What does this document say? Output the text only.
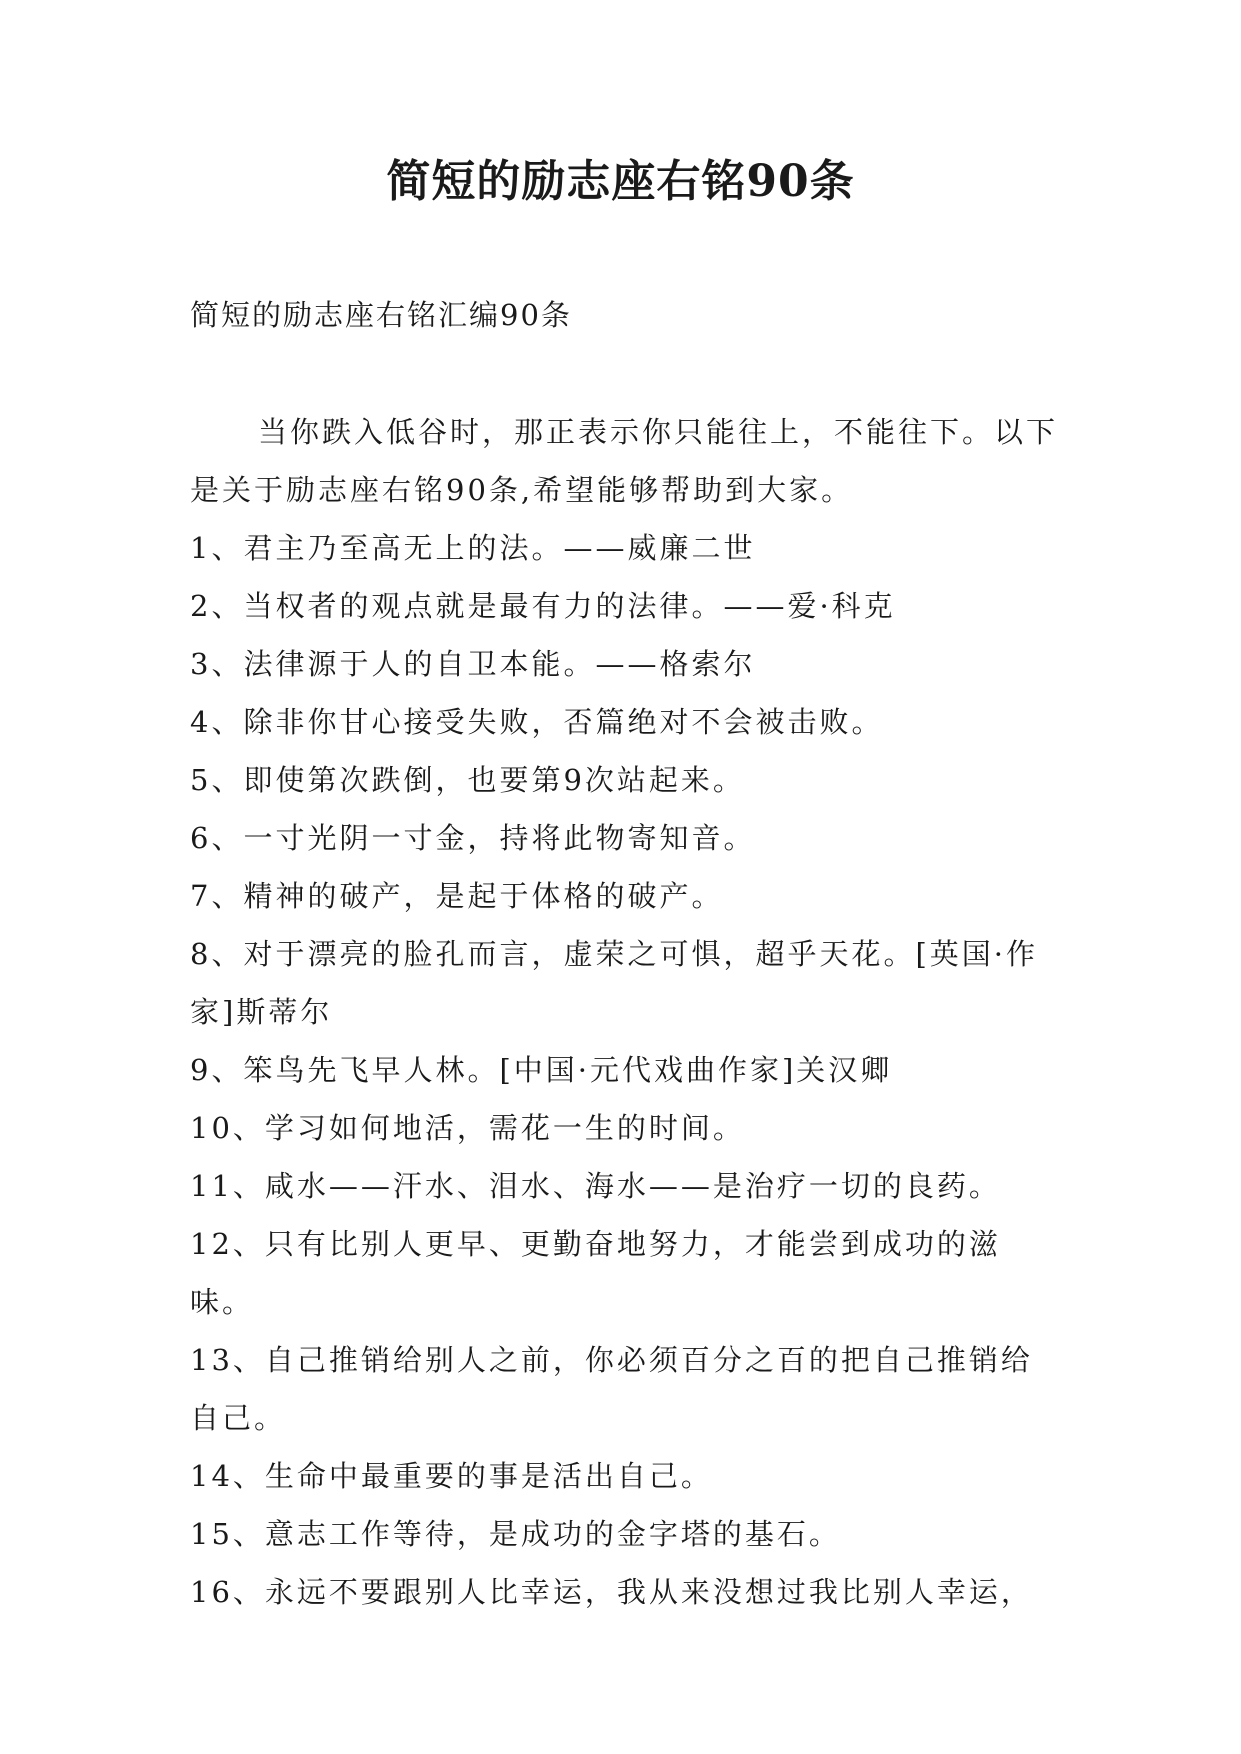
简短的励志座右铭90条

简短的励志座右铭汇编90条

当你跌入低谷时，那正表示你只能往上，不能往下。以下是关于励志座右铭90条,希望能够帮助到大家。

1、君主乃至高无上的法。——威廉二世

2、当权者的观点就是最有力的法律。——爱·科克

3、法律源于人的自卫本能。——格索尔

4、除非你甘心接受失败，否篇绝对不会被击败。

5、即使第次跌倒，也要第9次站起来。

6、一寸光阴一寸金，持将此物寄知音。

7、精神的破产，是起于体格的破产。

8、对于漂亮的脸孔而言，虚荣之可惧，超乎天花。[英国·作家]斯蒂尔

9、笨鸟先飞早人林。[中国·元代戏曲作家]关汉卿

10、学习如何地活，需花一生的时间。

11、咸水——汗水、泪水、海水——是治疗一切的良药。

12、只有比别人更早、更勤奋地努力，才能尝到成功的滋味。

13、自己推销给别人之前，你必须百分之百的把自己推销给自己。

14、生命中最重要的事是活出自己。

15、意志工作等待，是成功的金字塔的基石。

16、永远不要跟别人比幸运，我从来没想过我比别人幸运，
